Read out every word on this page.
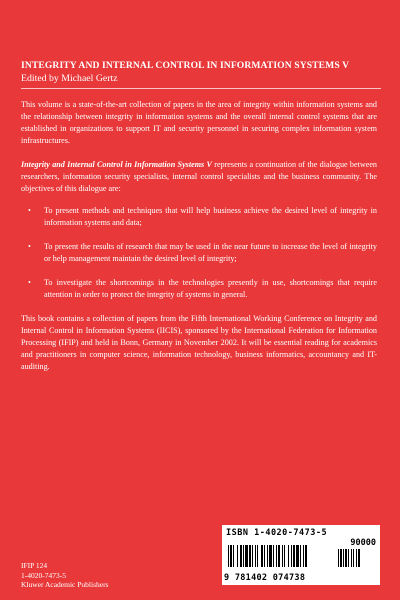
INTEGRITY AND INTERNAL CONTROL IN INFORMATION SYSTEMS V

Edited by Michael Gertz

This volume is a state-of-the-art collection of papers in the area of integrity within information systems and the relationship between integrity in information systems and the overall internal control systems that are established in organizations to support IT and security personnel in securing complex information system infrastructures.

Integrity and Internal Control in Information Systems V represents a continuation of the dialogue between researchers, information security specialists, internal control specialists and the business community. The objectives of this dialogue are:

•	To present methods and techniques that will help business achieve the desired level of integrity in information systems and data;
•	To present the results of research that may be used in the near future to increase the level of integrity or help management maintain the desired level of integrity;
•	To investigate the shortcomings in the technologies presently in use, shortcomings that require attention in order to protect the integrity of systems in general.

This book contains a collection of papers from the Fifth International Working Conference on Integrity and Internal Control in Information Systems (IICIS), sponsored by the International Federation for Information Processing (IFIP) and held in Bonn, Germany in November 2002. It will be essential reading for academics and practitioners in computer science, information technology, business informatics, accountancy and IT-auditing.

IFIP 124
1-4020-7473-5
Kluwer Academic Publishers
ISBN 1-4020-7473-5
90000
9 781402 074738
